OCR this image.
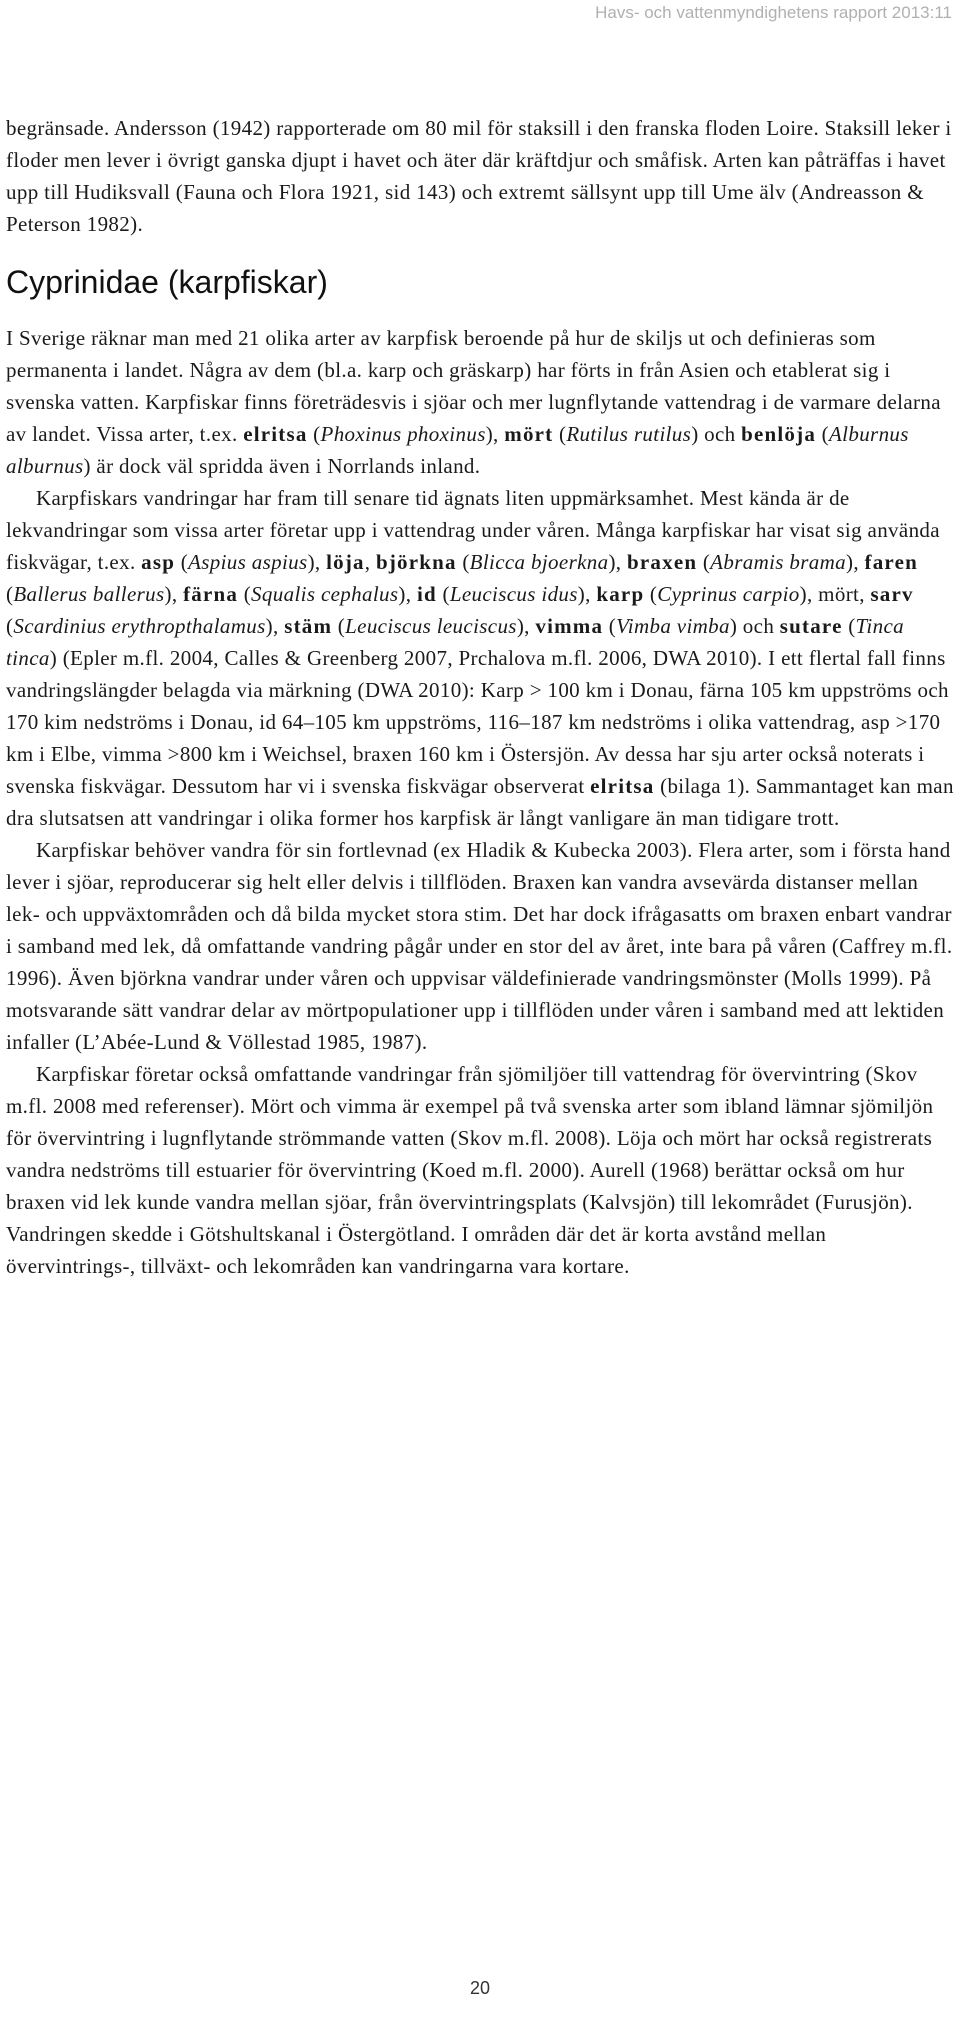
Havs- och vattenmyndighetens rapport 2013:11

begränsade. Andersson (1942) rapporterade om 80 mil för staksill i den franska floden Loire. Staksill leker i floder men lever i övrigt ganska djupt i havet och äter där kräftdjur och småfisk. Arten kan påträffas i havet upp till Hudiksvall (Fauna och Flora 1921, sid 143) och extremt sällsynt upp till Ume älv (Andreasson & Peterson 1982).

Cyprinidae (karpfiskar)

I Sverige räknar man med 21 olika arter av karpfisk beroende på hur de skiljs ut och definieras som permanenta i landet. Några av dem (bl.a. karp och gräskarp) har förts in från Asien och etablerat sig i svenska vatten. Karpfiskar finns företrädesvis i sjöar och mer lugnflytande vattendrag i de varmare delarna av landet. Vissa arter, t.ex. elritsa (Phoxinus phoxinus), mört (Rutilus rutilus) och benlöja (Alburnus alburnus) är dock väl spridda även i Norrlands inland.

Karpfiskars vandringar har fram till senare tid ägnats liten uppmärksamhet. Mest kända är de lekvandringar som vissa arter företar upp i vattendrag under våren. Många karpfiskar har visat sig använda fiskvägar, t.ex. asp (Aspius aspius), löja, björkna (Blicca bjoerkna), braxen (Abramis brama), faren (Ballerus ballerus), färna (Squalis cephalus), id (Leuciscus idus), karp (Cyprinus carpio), mört, sarv (Scardinius erythropthalamus), stäm (Leuciscus leuciscus), vimma (Vimba vimba) och sutare (Tinca tinca) (Epler m.fl. 2004, Calles & Greenberg 2007, Prchalova m.fl. 2006, DWA 2010). I ett flertal fall finns vandringslängder belagda via märkning (DWA 2010): Karp > 100 km i Donau, färna 105 km uppströms och 170 kim nedströms i Donau, id 64–105 km uppströms, 116–187 km nedströms i olika vattendrag, asp >170 km i Elbe, vimma >800 km i Weichsel, braxen 160 km i Östersjön. Av dessa har sju arter också noterats i svenska fiskvägar. Dessutom har vi i svenska fiskvägar observerat elritsa (bilaga 1). Sammantaget kan man dra slutsatsen att vandringar i olika former hos karpfisk är långt vanligare än man tidigare trott.

Karpfiskar behöver vandra för sin fortlevnad (ex Hladik & Kubecka 2003). Flera arter, som i första hand lever i sjöar, reproducerar sig helt eller delvis i tillflöden. Braxen kan vandra avsevärda distanser mellan lek- och uppväxtområden och då bilda mycket stora stim. Det har dock ifrågasatts om braxen enbart vandrar i samband med lek, då omfattande vandring pågår under en stor del av året, inte bara på våren (Caffrey m.fl. 1996). Även björkna vandrar under våren och uppvisar väldefinierade vandringsmönster (Molls 1999). På motsvarande sätt vandrar delar av mörtpopulationer upp i tillflöden under våren i samband med att lektiden infaller (L’Abée-Lund & Völlestad 1985, 1987).

Karpfiskar företar också omfattande vandringar från sjömiljöer till vattendrag för övervintring (Skov m.fl. 2008 med referenser). Mört och vimma är exempel på två svenska arter som ibland lämnar sjömiljön för övervintring i lugnflytande strömmande vatten (Skov m.fl. 2008). Löja och mört har också registrerats vandra nedströms till estuarier för övervintring (Koed m.fl. 2000). Aurell (1968) berättar också om hur braxen vid lek kunde vandra mellan sjöar, från övervintringsplats (Kalvsjön) till lekområdet (Furusjön). Vandringen skedde i Götshultskanal i Östergötland. I områden där det är korta avstånd mellan övervintrings-, tillväxt- och lekområden kan vandringarna vara kortare.

20
